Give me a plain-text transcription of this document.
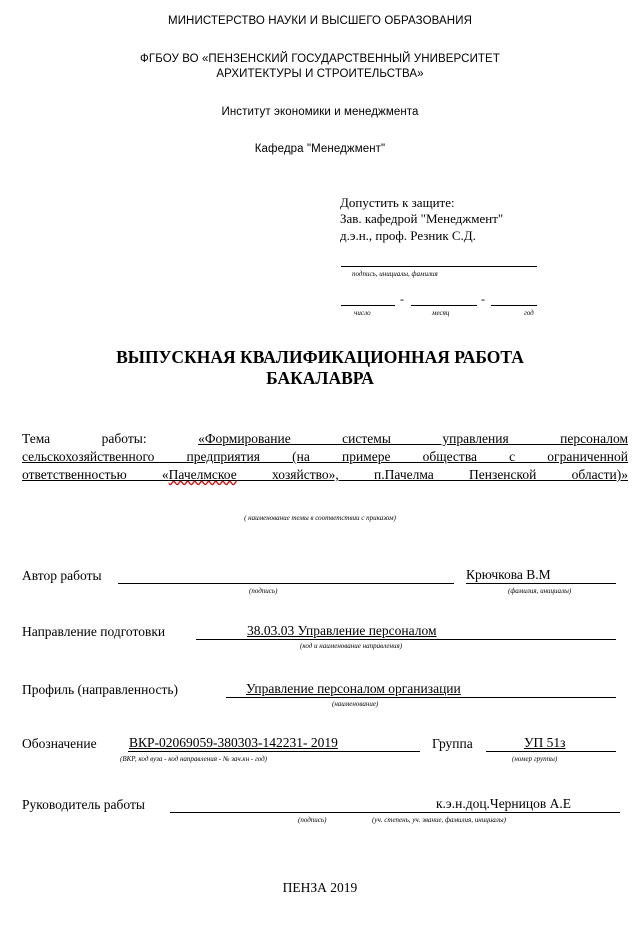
МИНИСТЕРСТВО НАУКИ И ВЫСШЕГО ОБРАЗОВАНИЯ
ФГБОУ ВО «ПЕНЗЕНСКИЙ ГОСУДАРСТВЕННЫЙ УНИВЕРСИТЕТ
АРХИТЕКТУРЫ И СТРОИТЕЛЬСТВА»
Институт экономики и менеджмента
Кафедра "Менеджмент"
Допустить к защите:
Зав. кафедрой "Менеджмент"
д.э.н., проф. Резник С.Д.
подпись, инициалы, фамилия
-	-
число	месяц	год
ВЫПУСКНАЯ КВАЛИФИКАЦИОННАЯ РАБОТА
БАКАЛАВРА
Тема работы:	«Формирование системы управления персоналом
сельскохозяйственного предприятия (на примере общества с ограниченной
ответственностью «Пачелмское хозяйство», п.Пачелма Пензенской области)»
( наименование темы в соответствии с приказом)
Автор работы	Крючкова В.М
(подпись)	(фамилия, инициалы)
Направление подготовки	38.03.03 Управление персоналом
(код и наименование направления)
Профиль (направленность)	Управление персоналом организации
(наименование)
Обозначение ВКР-02069059-380303-142231- 2019	Группа	УП 51з
(ВКР, код вуза - код направления - № зач.кн - год)	(номер группы)
Руководитель работы	к.э.н.доц.Черницов А.Е
(подпись)	(уч. степень, уч. звание, фамилия, инициалы)
ПЕНЗА 2019
